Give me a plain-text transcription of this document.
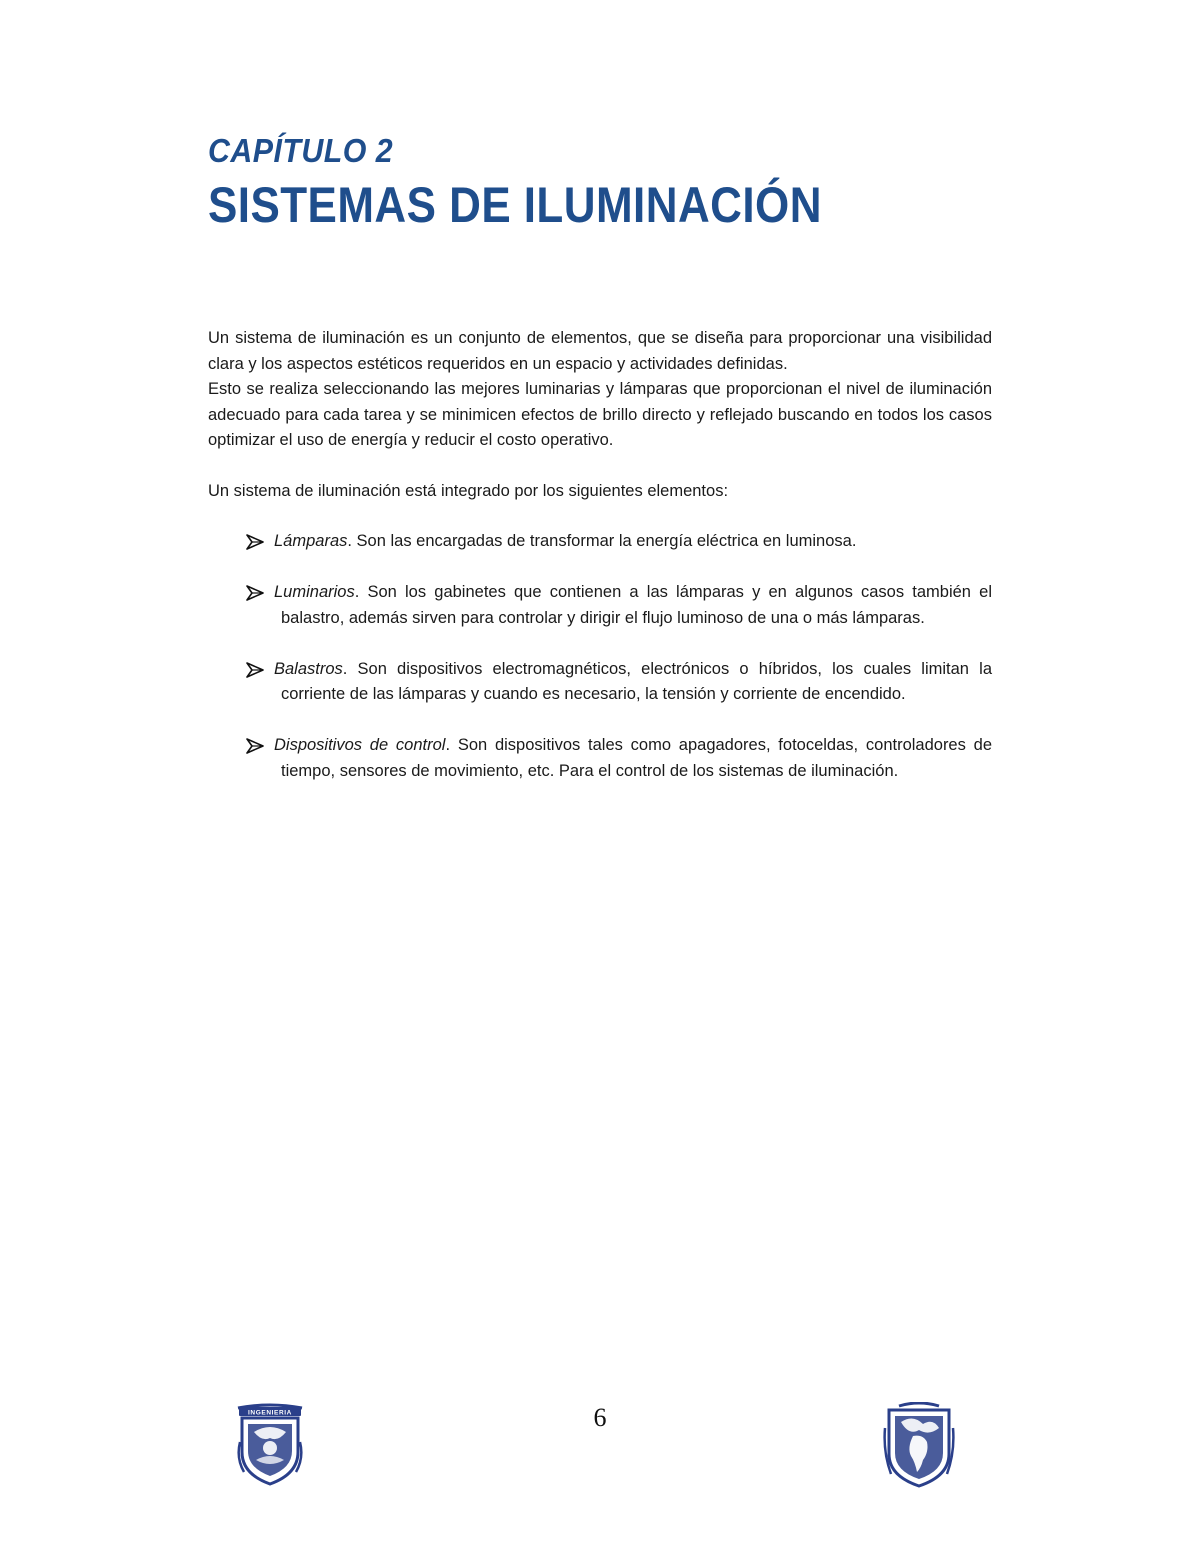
CAPÍTULO 2
SISTEMAS DE ILUMINACIÓN

Un sistema de iluminación es un conjunto de elementos, que se diseña para proporcionar una visibilidad clara y los aspectos estéticos requeridos en un espacio y actividades definidas.

Esto se realiza seleccionando las mejores luminarias y lámparas que proporcionan el nivel de iluminación adecuado para cada tarea y se minimicen efectos de brillo directo y reflejado buscando en todos los casos optimizar el uso de energía y reducir el costo operativo.

Un sistema de iluminación está integrado por los siguientes elementos:

Lámparas. Son las encargadas de transformar la energía eléctrica en luminosa.
Luminarios. Son los gabinetes que contienen a las lámparas y en algunos casos también el balastro, además sirven para controlar y dirigir el flujo luminoso de una o más lámparas.
Balastros. Son dispositivos electromagnéticos, electrónicos o híbridos, los cuales limitan la corriente de las lámparas y cuando es necesario, la tensión y corriente de encendido.
Dispositivos de control. Son dispositivos tales como apagadores, fotoceldas, controladores de tiempo, sensores de movimiento, etc. Para el control de los sistemas de iluminación.
INGENIERIA	6
